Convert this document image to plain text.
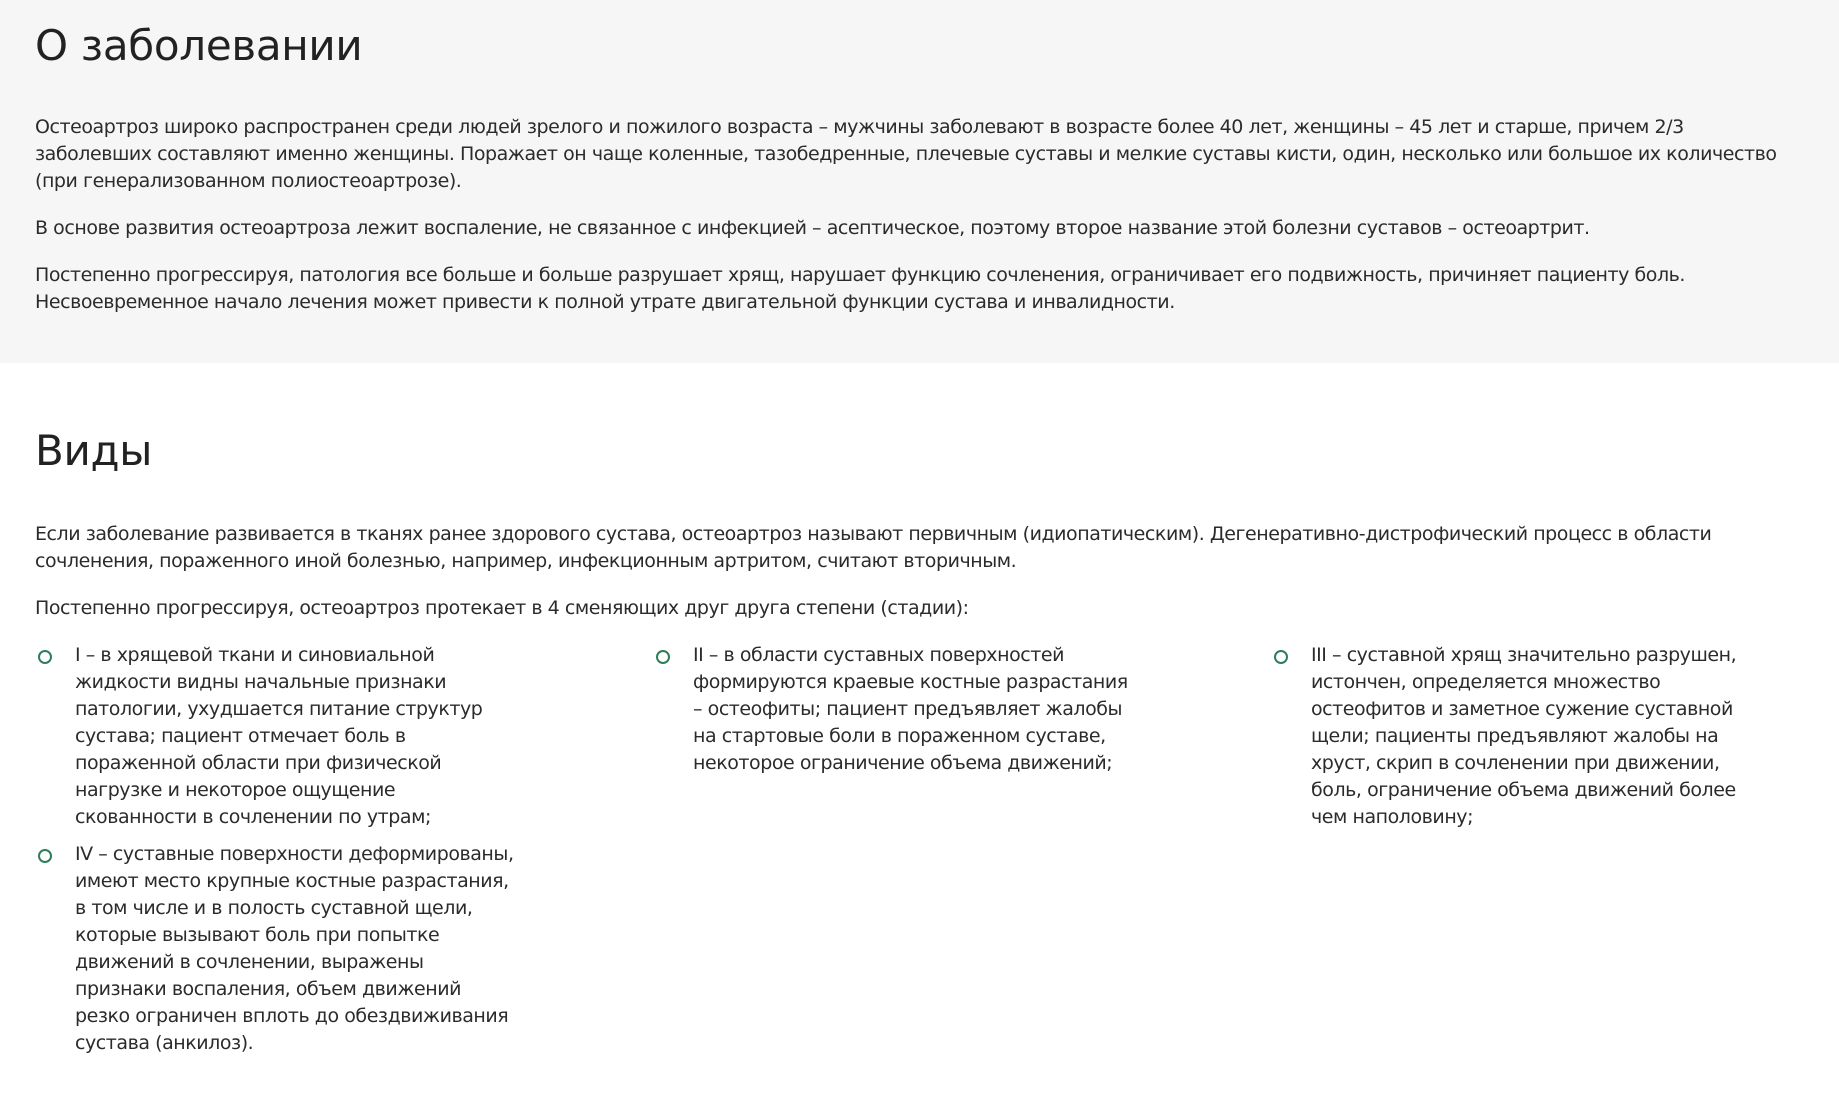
О заболевании

Остеоартроз широко распространен среди людей зрелого и пожилого возраста – мужчины заболевают в возрасте более 40 лет, женщины – 45 лет и старше, причем 2/3 заболевших составляют именно женщины. Поражает он чаще коленные, тазобедренные, плечевые суставы и мелкие суставы кисти, один, несколько или большое их количество (при генерализованном полиостеоартрозе).

В основе развития остеоартроза лежит воспаление, не связанное с инфекцией – асептическое, поэтому второе название этой болезни суставов – остеоартрит.

Постепенно прогрессируя, патология все больше и больше разрушает хрящ, нарушает функцию сочленения, ограничивает его подвижность, причиняет пациенту боль. Несвоевременное начало лечения может привести к полной утрате двигательной функции сустава и инвалидности.

Виды

Если заболевание развивается в тканях ранее здорового сустава, остеоартроз называют первичным (идиопатическим). Дегенеративно-дистрофический процесс в области сочленения, пораженного иной болезнью, например, инфекционным артритом, считают вторичным.

Постепенно прогрессируя, остеоартроз протекает в 4 сменяющих друг друга степени (стадии):

I – в хрящевой ткани и синовиальной жидкости видны начальные признаки патологии, ухудшается питание структур сустава; пациент отмечает боль в пораженной области при физической нагрузке и некоторое ощущение скованности в сочленении по утрам;
II – в области суставных поверхностей формируются краевые костные разрастания – остеофиты; пациент предъявляет жалобы на стартовые боли в пораженном суставе, некоторое ограничение объема движений;
III – суставной хрящ значительно разрушен, истончен, определяется множество остеофитов и заметное сужение суставной щели; пациенты предъявляют жалобы на хруст, скрип в сочленении при движении, боль, ограничение объема движений более чем наполовину;
IV – суставные поверхности деформированы, имеют место крупные костные разрастания, в том числе и в полость суставной щели, которые вызывают боль при попытке движений в сочленении, выражены признаки воспаления, объем движений резко ограничен вплоть до обездвиживания сустава (анкилоз).
